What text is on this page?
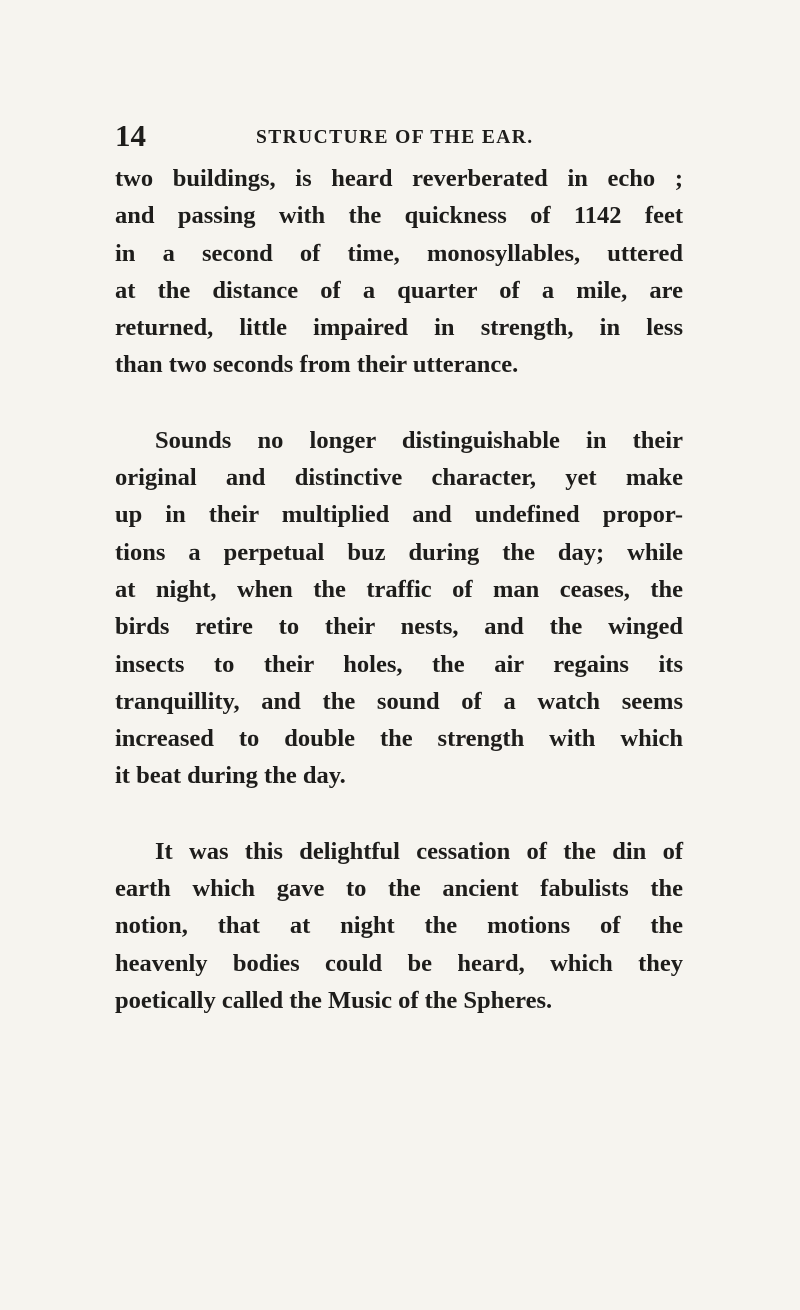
14	STRUCTURE OF THE EAR.
two buildings, is heard reverberated in echo ;
and passing with the quickness of 1142 feet
in a second of time, monosyllables, uttered
at the distance of a quarter of a mile, are
returned, little impaired in strength, in less
than two seconds from their utterance.
Sounds no longer distinguishable in their
original and distinctive character, yet make
up in their multiplied and undefined propor-
tions a perpetual buz during the day; while
at night, when the traffic of man ceases, the
birds retire to their nests, and the winged
insects to their holes, the air regains its
tranquillity, and the sound of a watch seems
increased to double the strength with which
it beat during the day.
It was this delightful cessation of the din of
earth which gave to the ancient fabulists the
notion, that at night the motions of the
heavenly bodies could be heard, which they
poetically called the Music of the Spheres.
